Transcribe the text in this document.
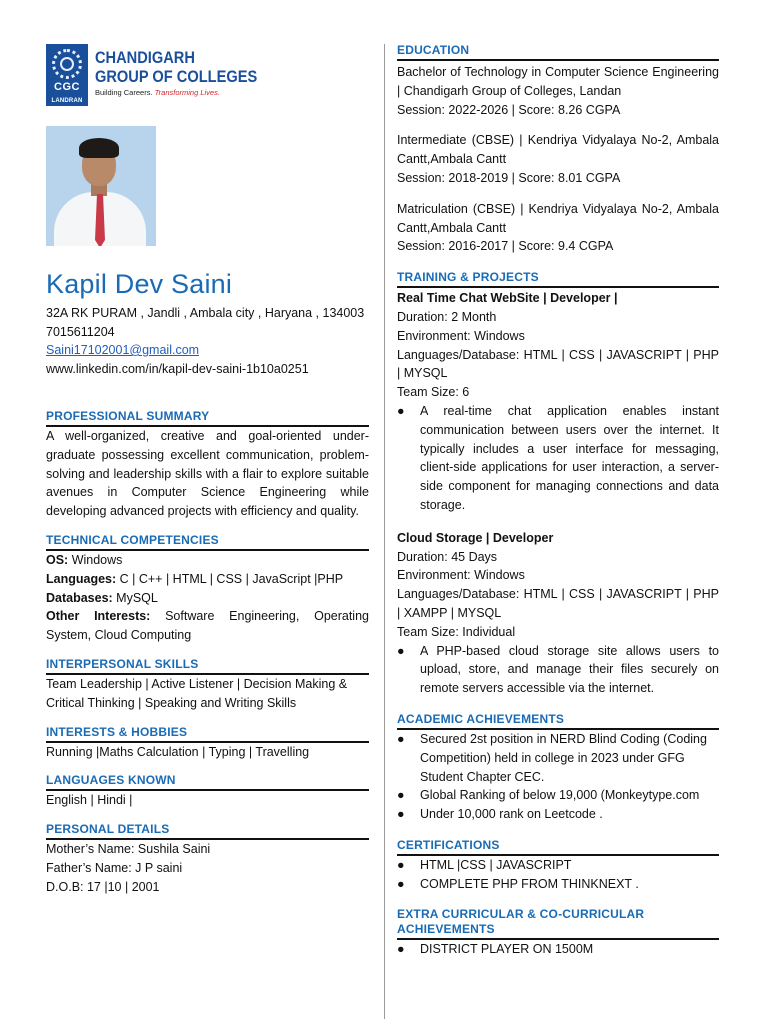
CGC
LANDRAN
CHANDIGARH
GROUP OF COLLEGES
Building Careers. Transforming Lives.
Kapil Dev Saini
32A RK PURAM , Jandli , Ambala city , Haryana , 134003
7015611204
Saini17102001@gmail.com
www.linkedin.com/in/kapil-dev-saini-1b10a0251
PROFESSIONAL SUMMARY
A well-organized, creative and goal-oriented under-graduate possessing excellent communication, problem-solving and leadership skills with a flair to explore suitable avenues in Computer Science Engineering while developing advanced projects with efficiency and quality.
TECHNICAL COMPETENCIES
OS: Windows
Languages: C | C++ | HTML | CSS | JavaScript |PHP
Databases: MySQL
Other Interests: Software Engineering, Operating System, Cloud Computing
INTERPERSONAL SKILLS
Team Leadership | Active Listener | Decision Making & Critical Thinking | Speaking and Writing Skills
INTERESTS & HOBBIES
Running |Maths Calculation | Typing | Travelling
LANGUAGES KNOWN
English | Hindi |
PERSONAL DETAILS
Mother’s Name: Sushila Saini
Father’s Name: J P saini
D.O.B: 17 |10 | 2001
EDUCATION
Bachelor of Technology in Computer Science Engineering | Chandigarh Group of Colleges, Landan
Session: 2022-2026 | Score: 8.26 CGPA
Intermediate (CBSE) | Kendriya Vidyalaya No-2, Ambala Cantt,Ambala Cantt
Session: 2018-2019 | Score: 8.01 CGPA
Matriculation (CBSE) | Kendriya Vidyalaya No-2, Ambala Cantt,Ambala Cantt
Session: 2016-2017 | Score: 9.4 CGPA
TRAINING & PROJECTS
Real Time Chat WebSite | Developer |
Duration: 2 Month
Environment: Windows
Languages/Database: HTML | CSS | JAVASCRIPT | PHP | MYSQL
Team Size: 6
● A real-time chat application enables instant communication between users over the internet. It typically includes a user interface for messaging, client-side applications for user interaction, a server-side component for managing connections and data storage.
Cloud Storage | Developer
Duration: 45 Days
Environment: Windows
Languages/Database: HTML | CSS | JAVASCRIPT | PHP | XAMPP | MYSQL
Team Size: Individual
● A PHP-based cloud storage site allows users to upload, store, and manage their files securely on remote servers accessible via the internet.
ACADEMIC ACHIEVEMENTS
● Secured 2st position in NERD Blind Coding (Coding Competition) held in college in 2023 under GFG Student Chapter CEC.
● Global Ranking of below 19,000 (Monkeytype.com
● Under 10,000 rank on Leetcode .
CERTIFICATIONS
● HTML |CSS | JAVASCRIPT
● COMPLETE PHP FROM THINKNEXT .
EXTRA CURRICULAR & CO-CURRICULAR ACHIEVEMENTS
● DISTRICT PLAYER ON 1500M
